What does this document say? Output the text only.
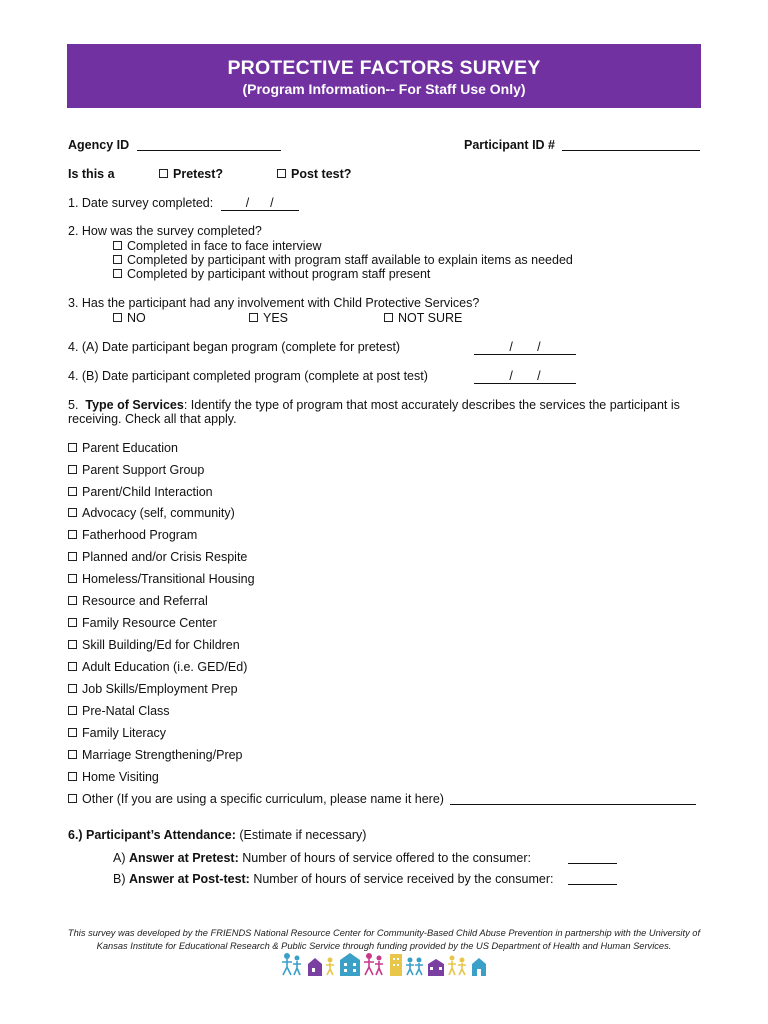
PROTECTIVE FACTORS SURVEY
(Program Information-- For Staff Use Only)
Agency ID	Participant ID #
Is this a	Pretest?	Post test?
1. Date survey completed:	/      /
2. How was the survey completed?
Completed in face to face interview
Completed by participant with program staff available to explain items as needed
Completed by participant without program staff present
3. Has the participant had any involvement with Child Protective Services?
NO	YES	NOT SURE
4. (A) Date participant began program (complete for pretest)	/       /
4. (B) Date participant completed program (complete at post test)	/       /
5. Type of Services: Identify the type of program that most accurately describes the services the participant is receiving. Check all that apply.
Parent Education
Parent Support Group
Parent/Child Interaction
Advocacy (self, community)
Fatherhood Program
Planned and/or Crisis Respite
Homeless/Transitional Housing
Resource and Referral
Family Resource Center
Skill Building/Ed for Children
Adult Education (i.e. GED/Ed)
Job Skills/Employment Prep
Pre-Natal Class
Family Literacy
Marriage Strengthening/Prep
Home Visiting
Other (If you are using a specific curriculum, please name it here)
6.) Participant’s Attendance: (Estimate if necessary)
A) Answer at Pretest: Number of hours of service offered to the consumer:
B) Answer at Post-test: Number of hours of service received by the consumer:
This survey was developed by the FRIENDS National Resource Center for Community-Based Child Abuse Prevention in partnership with the University of Kansas Institute for Educational Research & Public Service through funding provided by the US Department of Health and Human Services.
